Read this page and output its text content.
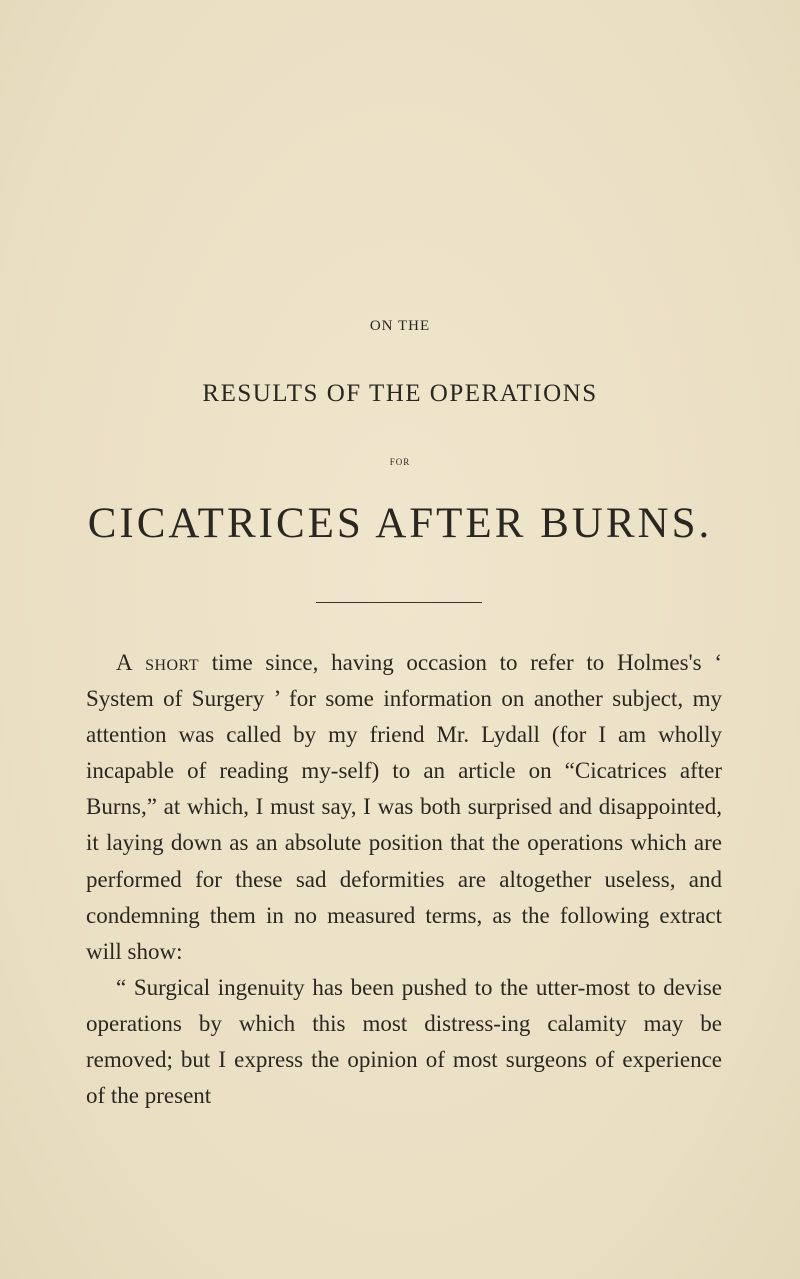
ON THE
RESULTS OF THE OPERATIONS
FOR
CICATRICES AFTER BURNS.

A short time since, having occasion to refer to Holmes's ‘ System of Surgery ’ for some information on another subject, my attention was called by my friend Mr. Lydall (for I am wholly incapable of reading my-self) to an article on “Cicatrices after Burns,” at which, I must say, I was both surprised and disappointed, it laying down as an absolute position that the operations which are performed for these sad deformities are altogether useless, and condemning them in no measured terms, as the following extract will show:

“ Surgical ingenuity has been pushed to the utter-most to devise operations by which this most distress-ing calamity may be removed; but I express the opinion of most surgeons of experience of the present
